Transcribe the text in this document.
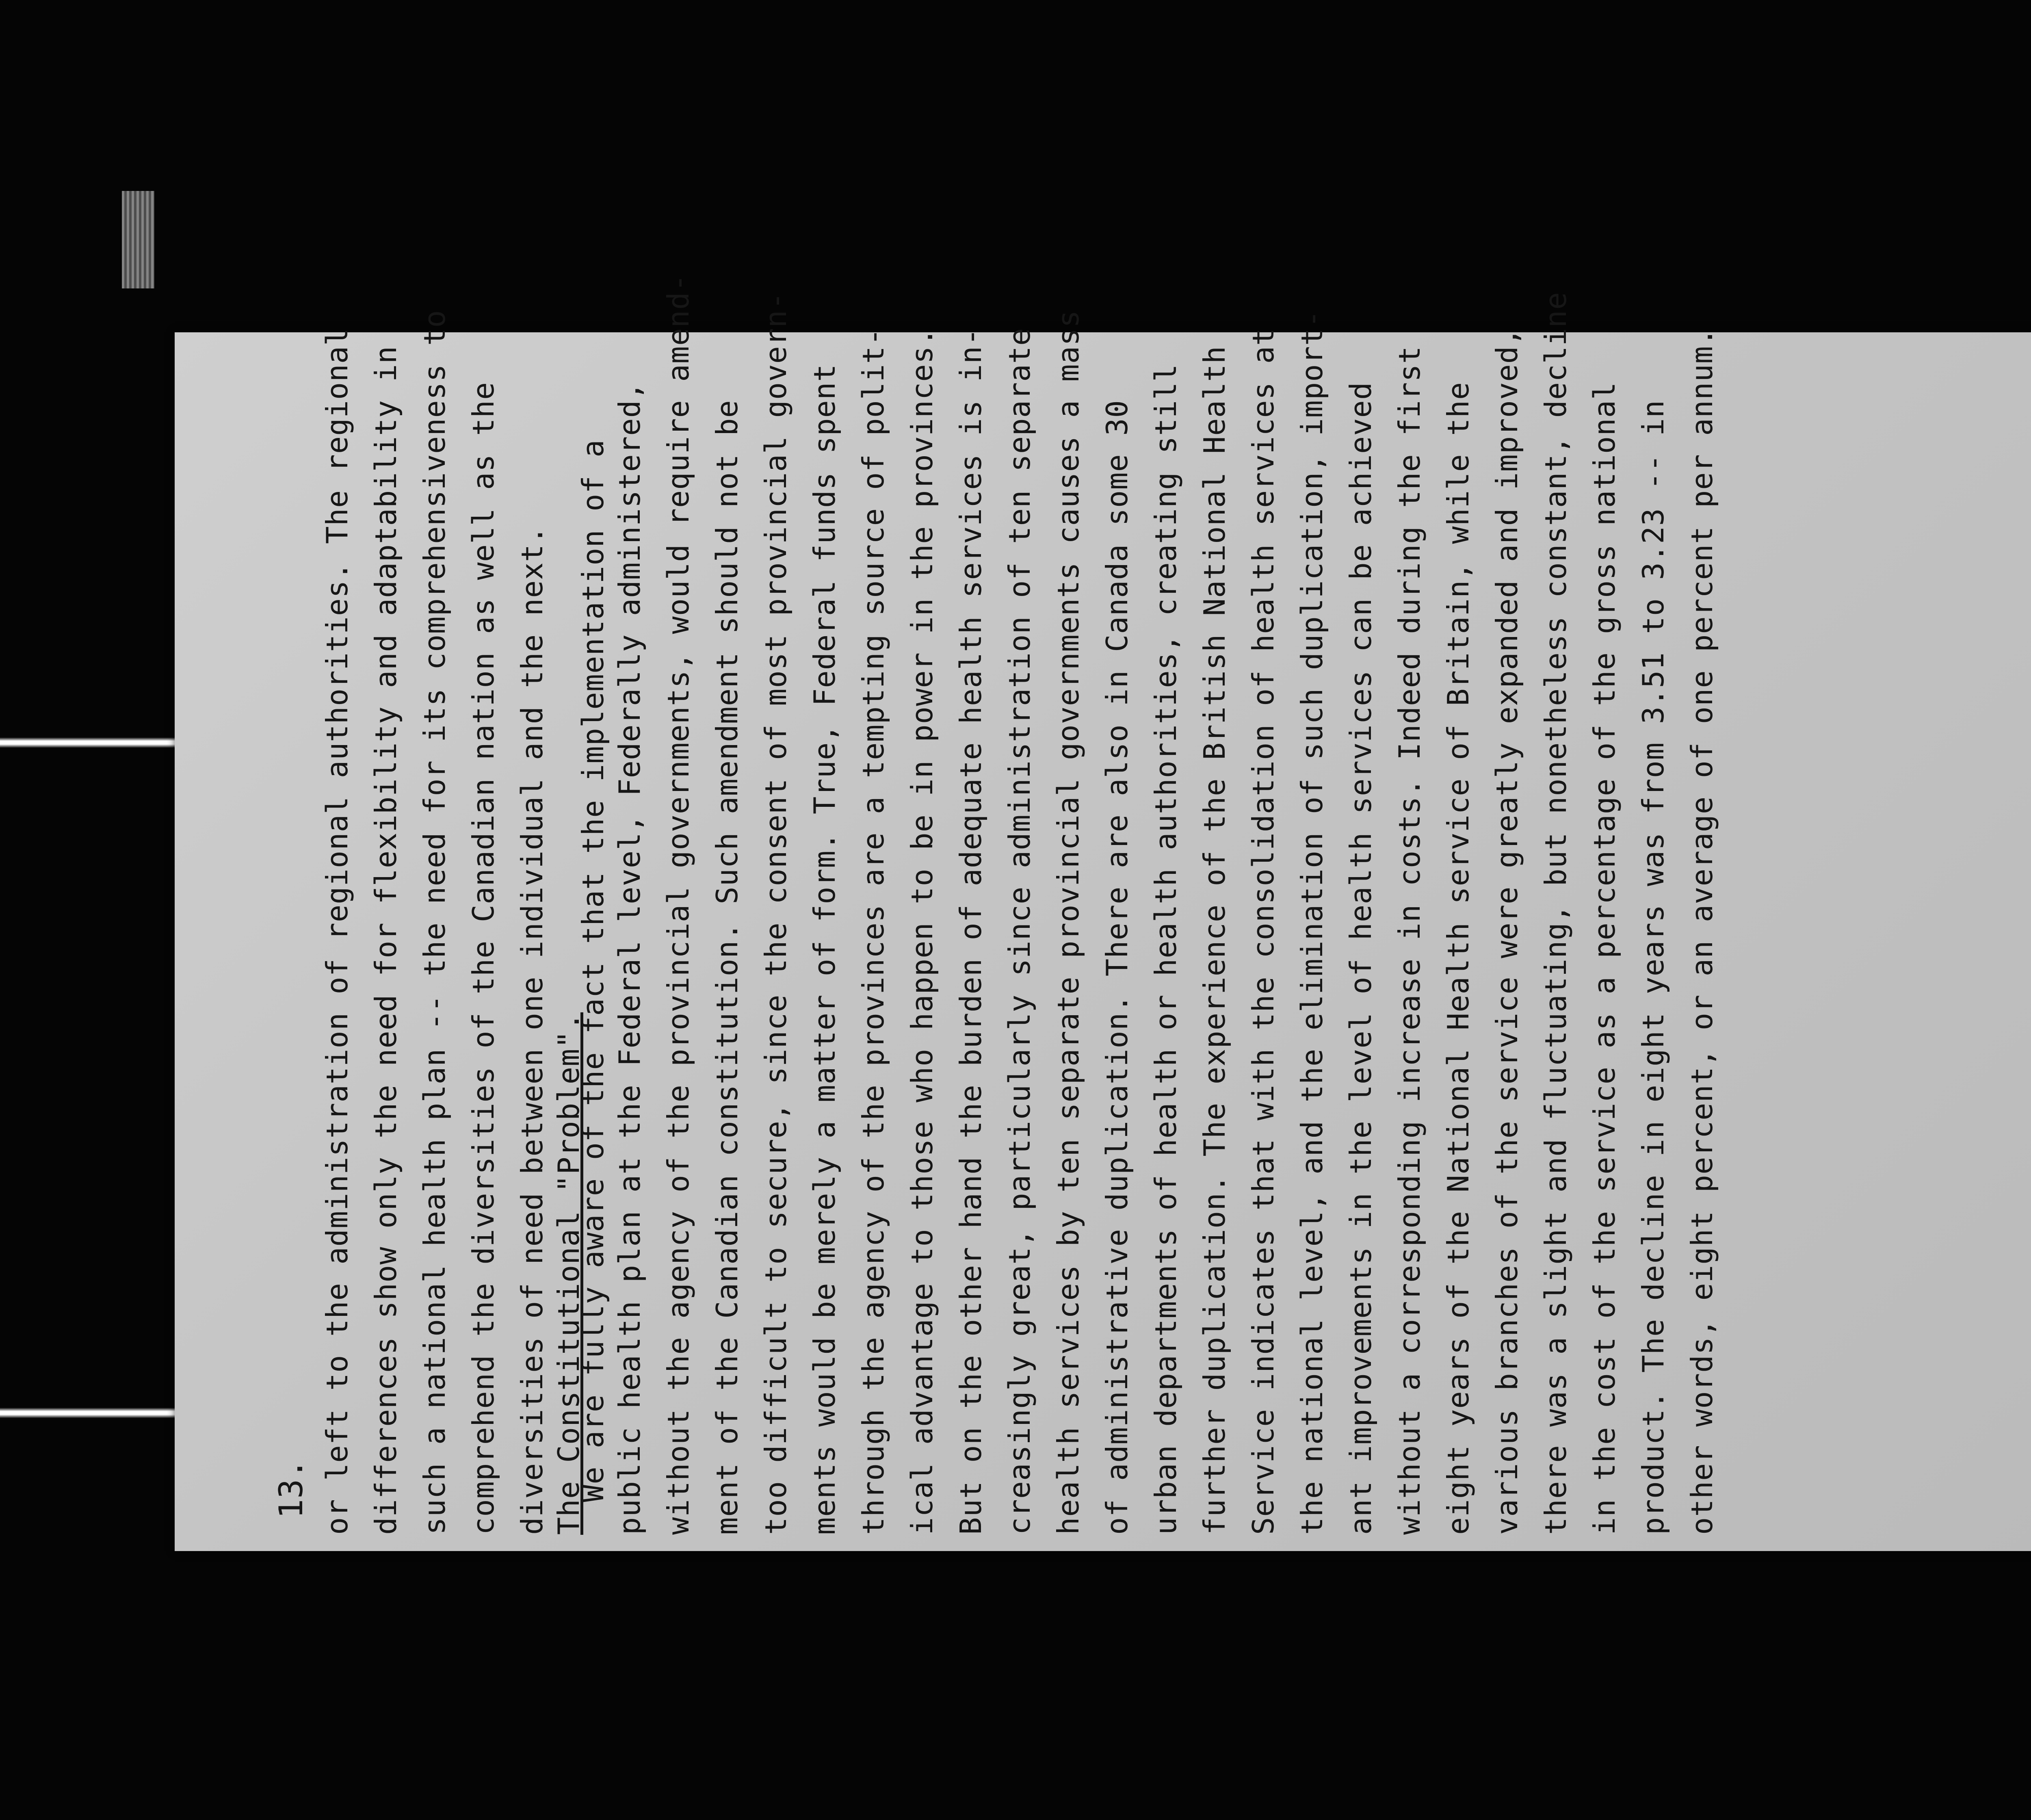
13. or left to the administration of regional authorities. The regional differences show only the need for flexibility and adaptability in such a national health plan -- the need for its comprehensiveness to comprehend the diversities of the Canadian nation as well as the diversities of need between one individual and the next. The Constitutional "Problem".
We are fully aware of the fact that the implementation of a public health plan at the Federal level, Federally administered, without the agency of the provincial governments, would require amend- ment of the Canadian constitution. Such amendment should not be too difficult to secure, since the consent of most provincial govern- ments would be merely a matter of form. True, Federal funds spent through the agency of the provinces are a tempting source of polit- ical advantage to those who happen to be in power in the provinces. But on the other hand the burden of adequate health services is in- creasingly great, particularly since administration of ten separate health services by ten separate provincial governments causes a mass of administrative duplication. There are also in Canada some 30 urban departments of health or health authorities, creating still further duplication. The experience of the British National Health Service indicates that with the consolidation of health services at the national level, and the elimination of such duplication, import- ant improvements in the level of health services can be achieved without a corresponding increase in costs. Indeed during the first eight years of the National Health service of Britain, while the various branches of the service were greatly expanded and improved, there was a slight and fluctuating, but nonetheless constant, decline in the cost of the service as a percentage of the gross national product. The decline in eight years was from 3.51 to 3.23 -- in other words, eight percent, or an average of one percent per annum.
